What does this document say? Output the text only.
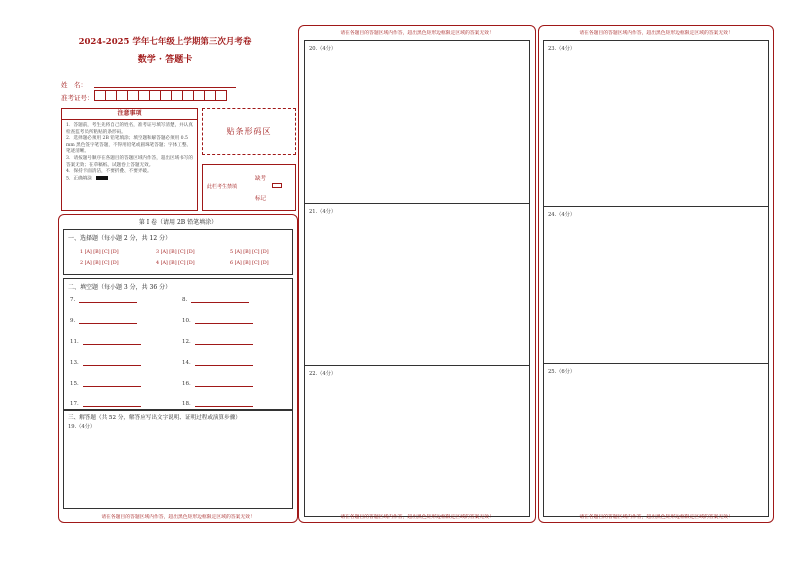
2024-2025 学年七年级上学期第三次月考卷
数学 · 答题卡
姓　名：
准考证号：
注意事项
1．答题前，考生先将自己的姓名，准考证号填写清楚，并认真检查监考员所粘贴的条形码。
2．选择题必须用 2B 铅笔填涂；填空题和解答题必须用 0.5 mm 黑色签字笔答题，不得用铅笔或圆珠笔答题；字体工整、笔迹清晰。
3．请按题号顺序在各题目的答题区域内作答，超出区域书写的答案无效；在草稿纸、试题卷上答题无效。
4．保持卡面清洁，不要折叠、不要弄破。
5．正确填涂
贴条形码区
缺考
此栏考生禁填
标记
第 I 卷（请用 2B 铅笔填涂）
一、选择题（每小题 2 分，共 12 分）
1 [A] [B] [C] [D]	3 [A] [B] [C] [D]	5 [A] [B] [C] [D]
2 [A] [B] [C] [D]	4 [A] [B] [C] [D]	6 [A] [B] [C] [D]
二、填空题（每小题 3 分，共 36 分）
7.	8.
9.	10.
11.	12.
13.	14.
15.	16.
17.	18.
三、解答题（共 52 分，解答应写出文字说明、证明过程或演算步骤）
19.（4分）
请在各题目的答题区域内作答，超出黑色矩形边框限定区域的答案无效！
请在各题目的答题区域内作答，超出黑色矩形边框限定区域的答案无效！
20.（4分）
21.（4分）
22.（4分）
请在各题目的答题区域内作答，超出黑色矩形边框限定区域的答案无效！
请在各题目的答题区域内作答，超出黑色矩形边框限定区域的答案无效！
23.（4分）
24.（4分）
25.（6分）
请在各题目的答题区域内作答，超出黑色矩形边框限定区域的答案无效！
